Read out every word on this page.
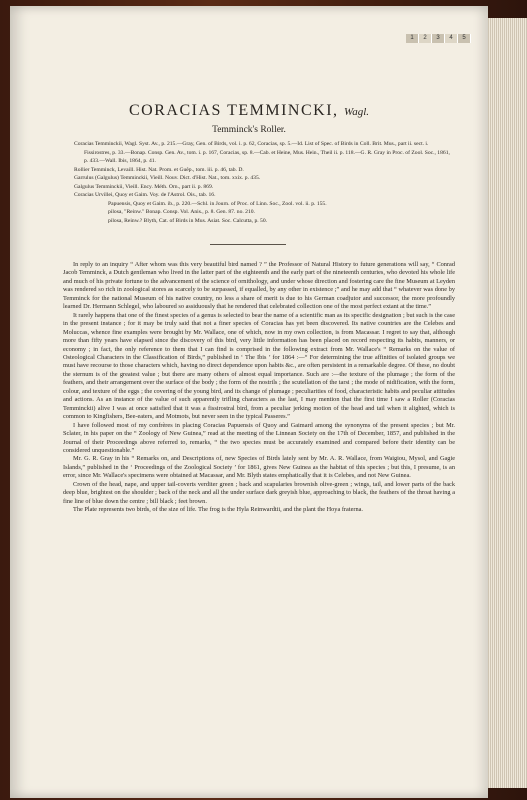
1	2	3	4	5
CORACIAS TEMMINCKI, Wagl.
Temminck's Roller.

Coracias Temminckii, Wagl. Syst. Av., p. 215.—Gray, Gen. of Birds, vol. i. p. 62, Coracias, sp. 5.—Id. List of Spec. of Birds in Coll. Brit. Mus., part ii. sect. i. Fissirostres, p. 33.—Bonap. Consp. Gen. Av., tom. i. p. 167, Coracias, sp. 8.—Cab. et Heine, Mus. Hein., Theil ii. p. 118.—G. R. Gray in Proc. of Zool. Soc., 1861, p. 433.—Wall. Ibis, 1864, p. 41.

Rollier Temminck, Levaill. Hist. Nat. Prom. et Guêp., tom. iii. p. 46, tab. D.

Garrulus (Galgulus) Temminckii, Vieill. Nouv. Dict. d'Hist. Nat., tom. xxix. p. 435.

Galgulus Temminckii, Vieill. Ency. Méth. Orn., part ii. p. 869.

Coracias Urvillei, Quoy et Gaim. Voy. de l'Astrol. Ois., tab. 16.

Papuensis, Quoy et Gaim. ib., p. 220.—Schl. in Journ. of Proc. of Linn. Soc., Zool. vol. ii. p. 155.

pilosa, "Reinw." Bonap. Consp. Vol. Anis., p. 8. Gen. 87. no. 210.

pilosa, Reinw.? Blyth, Cat. of Birds in Mus. Asiat. Soc. Calcutta, p. 50.

In reply to an inquiry “ After whom was this very beautiful bird named ? ” the Professor of Natural History to future generations will say, “ Conrad Jacob Temminck, a Dutch gentleman who lived in the latter part of the eighteenth and the early part of the nineteenth centuries, who devoted his whole life and much of his private fortune to the advancement of the science of ornithology, and under whose direction and fostering care the fine Museum at Leyden was rendered so rich in zoological stores as scarcely to be surpassed, if equalled, by any other in existence ;” and he may add that “ whatever was done by Temminck for the national Museum of his native country, no less a share of merit is due to his German coadjutor and successor, the more profoundly learned Dr. Hermann Schlegel, who laboured so assiduously that he rendered that celebrated collection one of the most perfect extant at the time.”

It rarely happens that one of the finest species of a genus is selected to bear the name of a scientific man as its specific designation ; but such is the case in the present instance ; for it may be truly said that not a finer species of Coracias has yet been discovered. Its native countries are the Celebes and Moluccas, whence fine examples were brought by Mr. Wallace, one of which, now in my own collection, is from Macassar. I regret to say that, although more than fifty years have elapsed since the discovery of this bird, very little information has been placed on record respecting its habits, manners, or economy ; in fact, the only reference to them that I can find is comprised in the following extract from Mr. Wallace's “ Remarks on the value of Osteological Characters in the Classification of Birds,” published in ‘ The Ibis ’ for 1864 :—“ For determining the true affinities of isolated groups we must have recourse to those characters which, having no direct dependence upon habits &c., are often persistent in a remarkable degree. Of these, no doubt the sternum is of the greatest value ; but there are many others of almost equal importance. Such are :—the texture of the plumage ; the form of the feathers, and their arrangement over the surface of the body ; the form of the nostrils ; the scutellation of the tarsi ; the mode of nidification, with the form, colour, and texture of the eggs ; the covering of the young bird, and its change of plumage ; peculiarities of food, characteristic habits and peculiar attitudes and actions. As an instance of the value of such apparently trifling characters as the last, I may mention that the first time I saw a Roller (Coracias Temminckii) alive I was at once satisfied that it was a fissirostral bird, from a peculiar jerking motion of the head and tail when it alighted, which is common to Kingfishers, Bee-eaters, and Motmots, but never seen in the typical Passeres.”

I have followed most of my confrères in placing Coracias Papuensis of Quoy and Gaimard among the synonyms of the present species ; but Mr. Sclater, in his paper on the “ Zoology of New Guinea,” read at the meeting of the Linnean Society on the 17th of December, 1857, and published in the Journal of their Proceedings above referred to, remarks, “ the two species must be accurately examined and compared before their identity can be considered unquestionable.”

Mr. G. R. Gray in his “ Remarks on, and Descriptions of, new Species of Birds lately sent by Mr. A. R. Wallace, from Waigiou, Mysol, and Gagie Islands,” published in the ‘ Proceedings of the Zoological Society ’ for 1861, gives New Guinea as the habitat of this species ; but this, I presume, is an error, since Mr. Wallace's specimens were obtained at Macassar, and Mr. Blyth states emphatically that it is Celebes, and not New Guinea.

Crown of the head, nape, and upper tail-coverts verditer green ; back and scapularies brownish olive-green ; wings, tail, and lower parts of the back deep blue, brightest on the shoulder ; back of the neck and all the under surface dark greyish blue, approaching to black, the feathers of the throat having a fine line of blue down the centre ; bill black ; feet brown.

The Plate represents two birds, of the size of life. The frog is the Hyla Reinwardtii, and the plant the Hoya fraterna.
